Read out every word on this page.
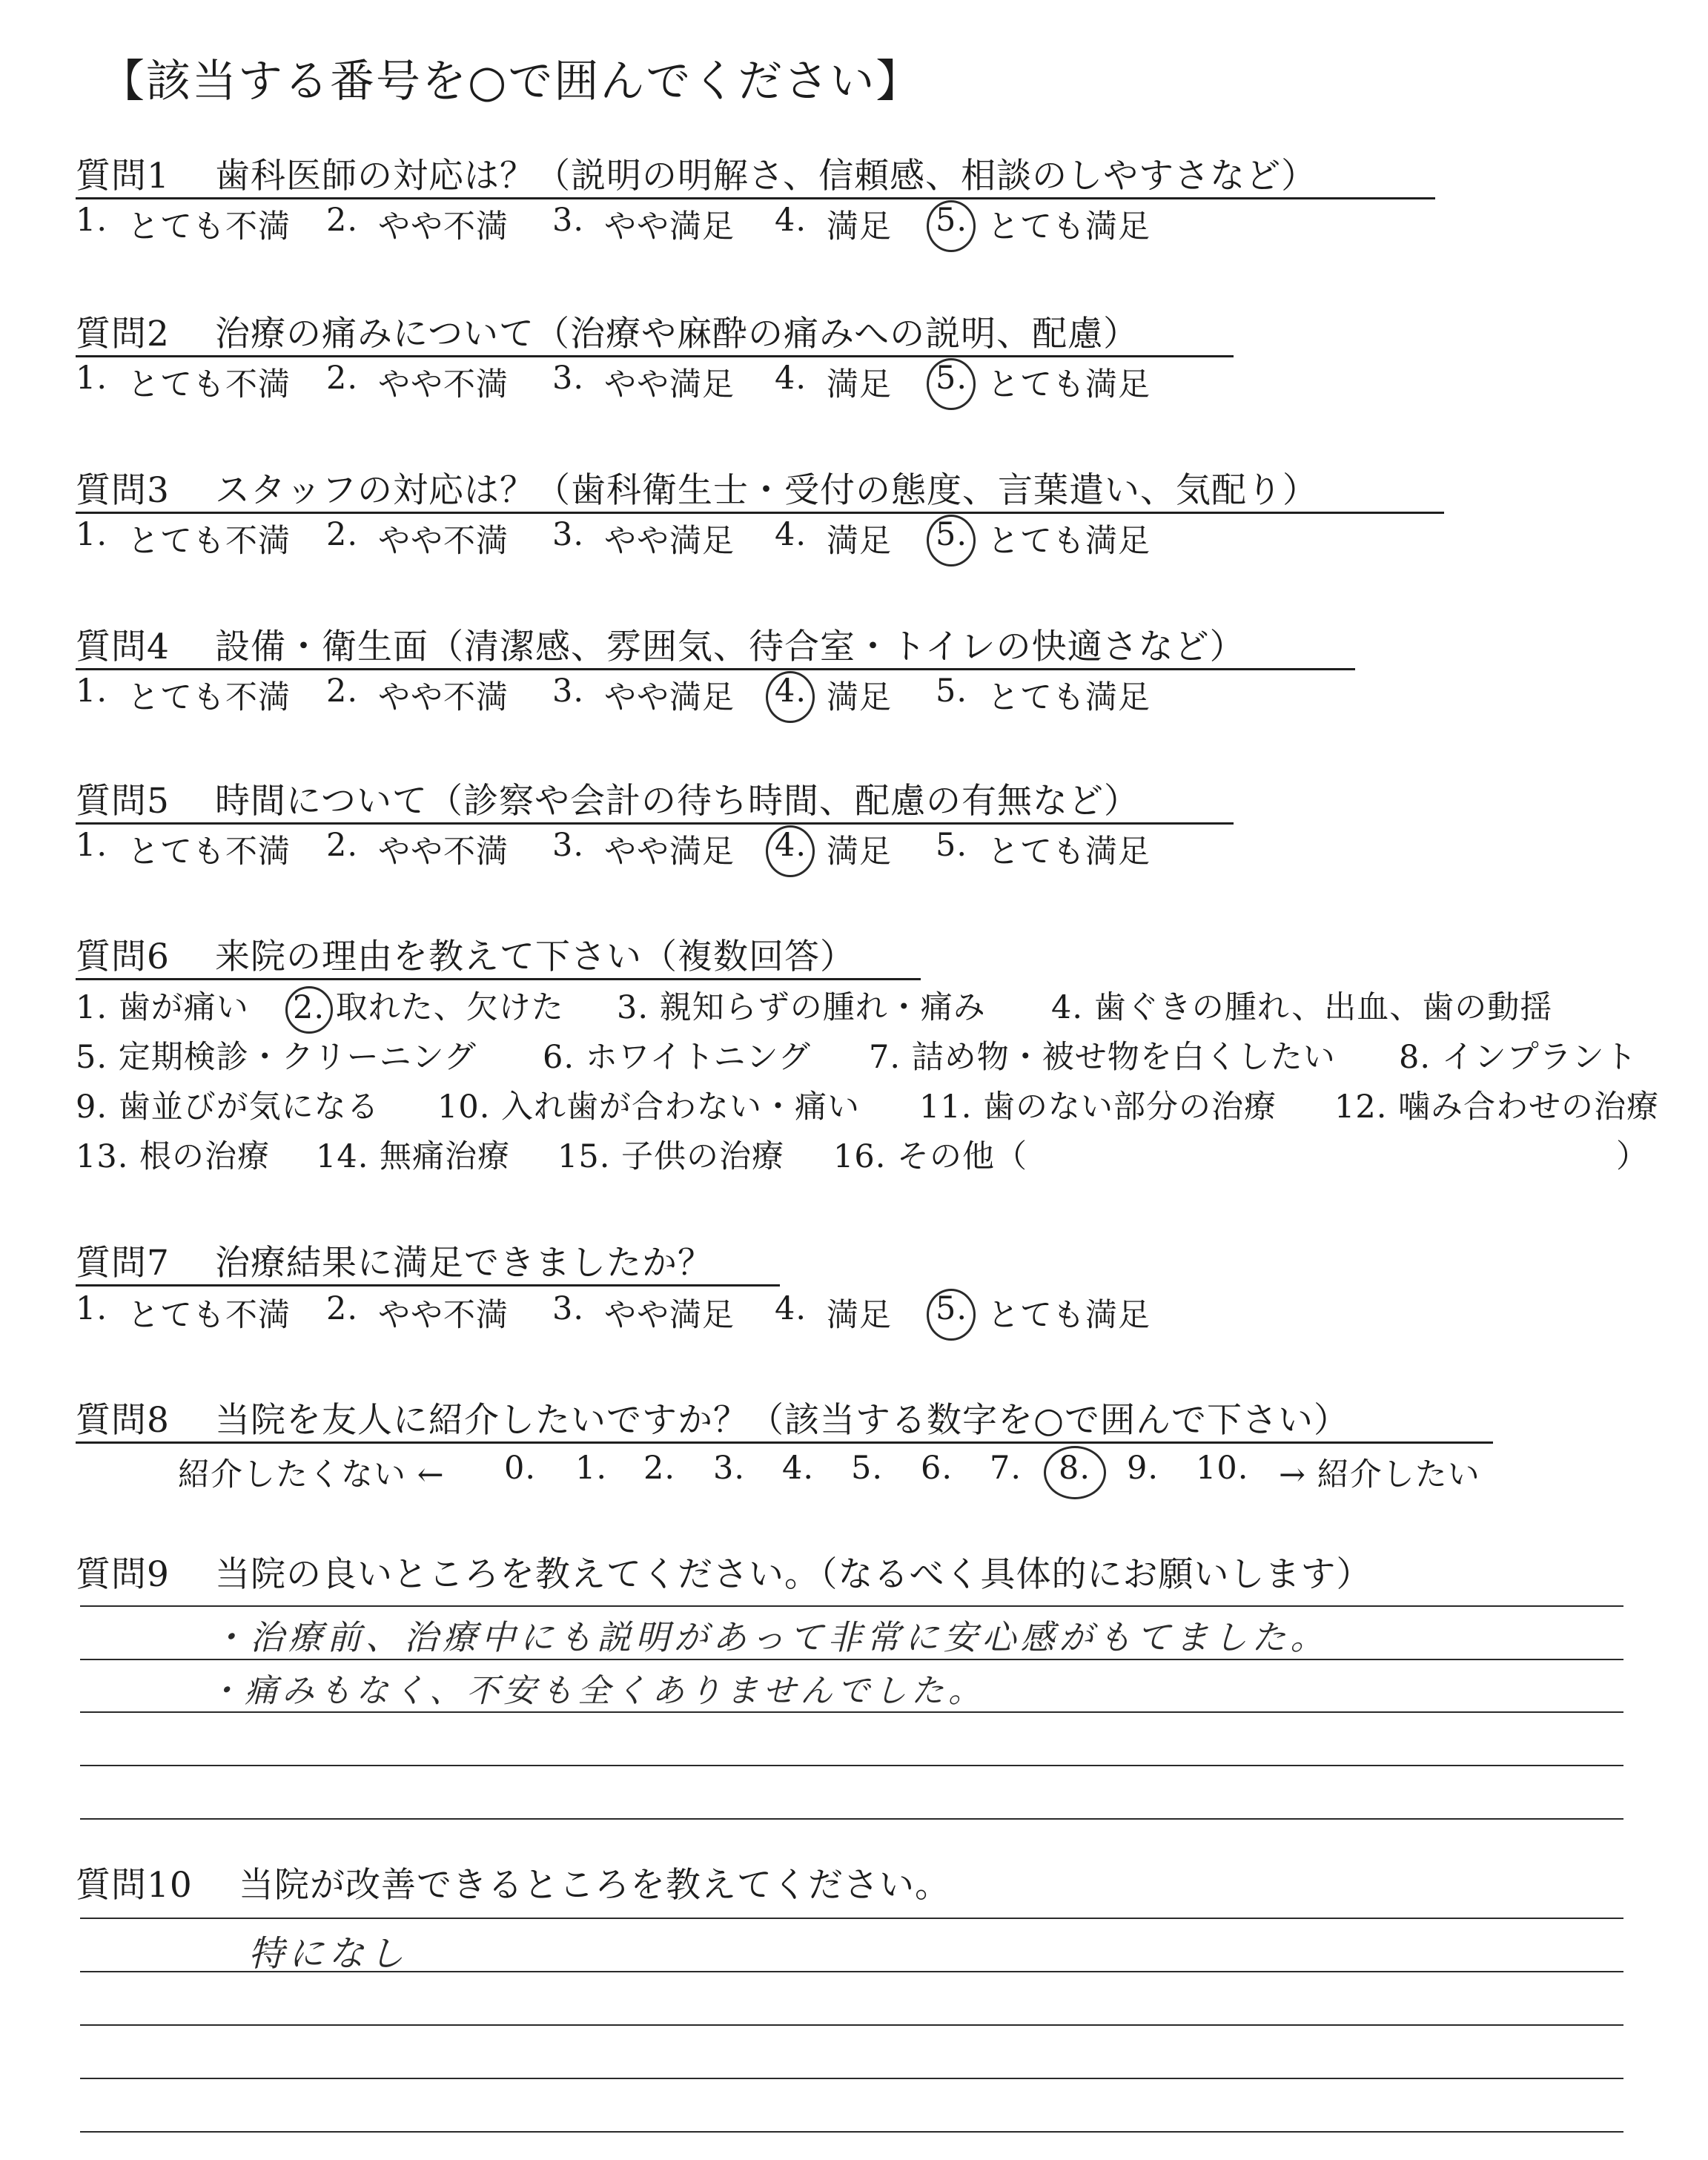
【該当する番号を○で囲んでください】
質問1 歯科医師の対応は？（説明の明解さ、信頼感、相談のしやすさなど）
質問2 治療の痛みについて（治療や麻酔の痛みへの説明、配慮）
質問3 スタッフの対応は？（歯科衛生士・受付の態度、言葉遣い、気配り）
質問4 設備・衛生面（清潔感、雰囲気、待合室・トイレの快適さなど）
質問5 時間について（診察や会計の待ち時間、配慮の有無など）
1. とても不満 2. やや不満 3. やや満足 4. 満足 5. とても満足
1. とても不満 2. やや不満 3. やや満足 4. 満足 5. とても満足
1. とても不満 2. やや不満 3. やや満足 4. 満足 5. とても満足
1. とても不満 2. やや不満 3. やや満足 4. 満足 5. とても満足
1. とても不満 2. やや不満 3. やや満足 4. 満足 5. とても満足
1. とても不満 2. やや不満 3. やや満足 4. 満足 5. とても満足
質問6 来院の理由を教えて下さい（複数回答）
1. 歯が痛い 2. 取れた、欠けた 3. 親知らずの腫れ・痛み 4. 歯ぐきの腫れ、出血、歯の動揺
5. 定期検診・クリーニング 6. ホワイトニング 7. 詰め物・被せ物を白くしたい 8. インプラント
9. 歯並びが気になる 10. 入れ歯が合わない・痛い 11. 歯のない部分の治療 12. 噛み合わせの治療
13. 根の治療 14. 無痛治療 15. 子供の治療 16. その他（	）
質問7 治療結果に満足できましたか？
質問8 当院を友人に紹介したいですか？（該当する数字を○で囲んで下さい）
紹介したくない ← 0. 1. 2. 3. 4. 5. 6. 7. 8. 9. 10. → 紹介したい
質問9 当院の良いところを教えてください。（なるべく具体的にお願いします）
・治療前、治療中にも説明があって非常に安心感がもてました。
・痛みもなく、不安も全くありませんでした。
質問10 当院が改善できるところを教えてください。
特になし
